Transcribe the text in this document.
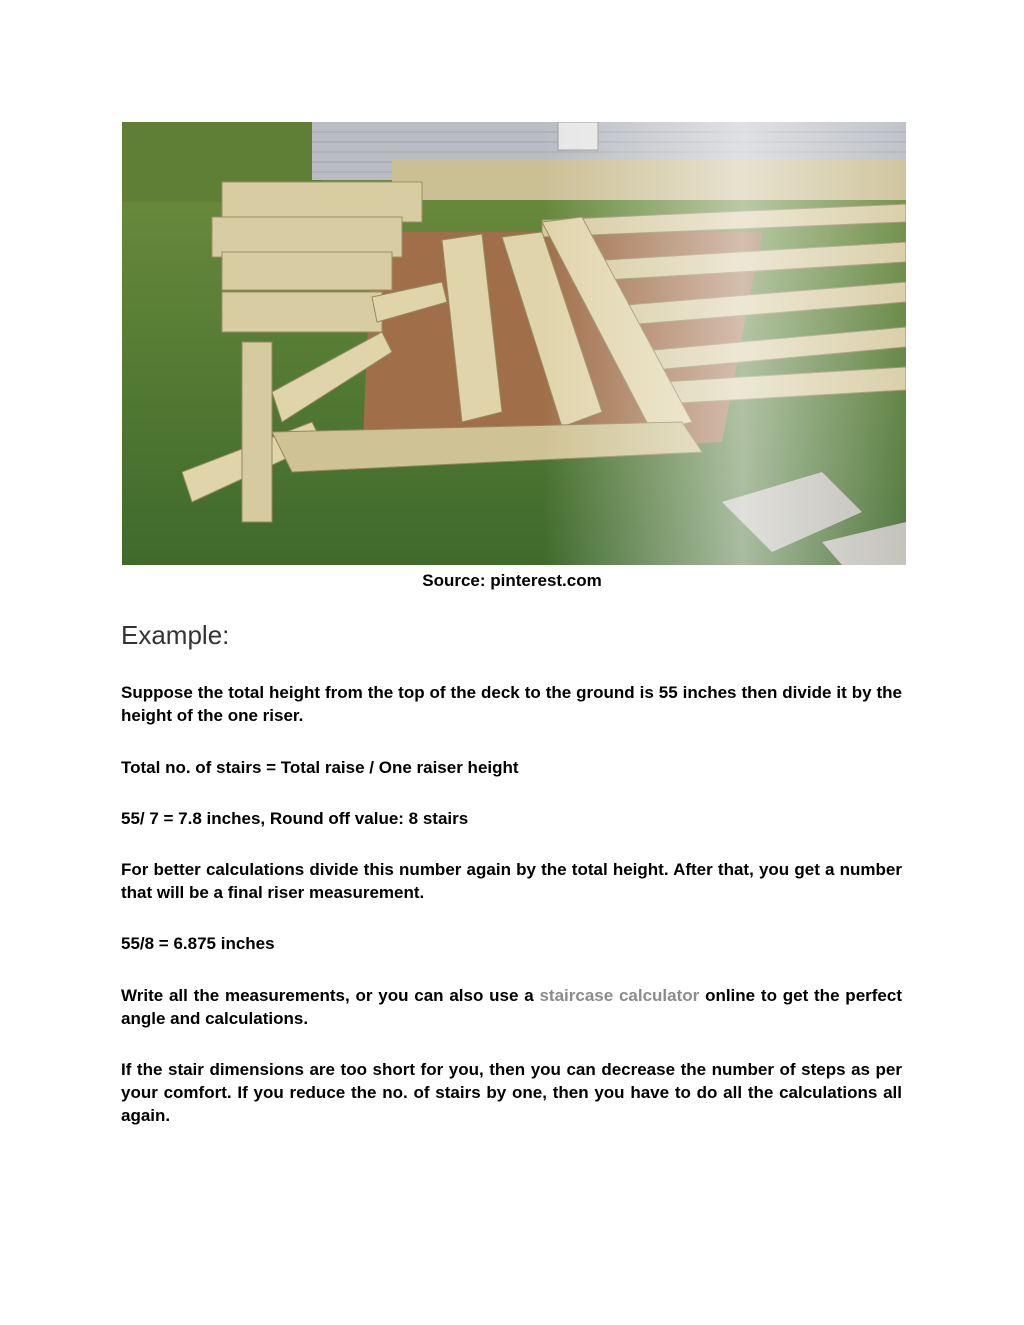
Source: pinterest.com
Example:

Suppose the total height from the top of the deck to the ground is 55 inches then divide it by the height of the one riser.

Total no. of stairs = Total raise / One raiser height

55/ 7 = 7.8 inches, Round off value: 8 stairs

For better calculations divide this number again by the total height. After that, you get a number that will be a final riser measurement.

55/8 = 6.875 inches

Write all the measurements, or you can also use a staircase calculator online to get the perfect angle and calculations.

If the stair dimensions are too short for you, then you can decrease the number of steps as per your comfort. If you reduce the no. of stairs by one, then you have to do all the calculations all again.
